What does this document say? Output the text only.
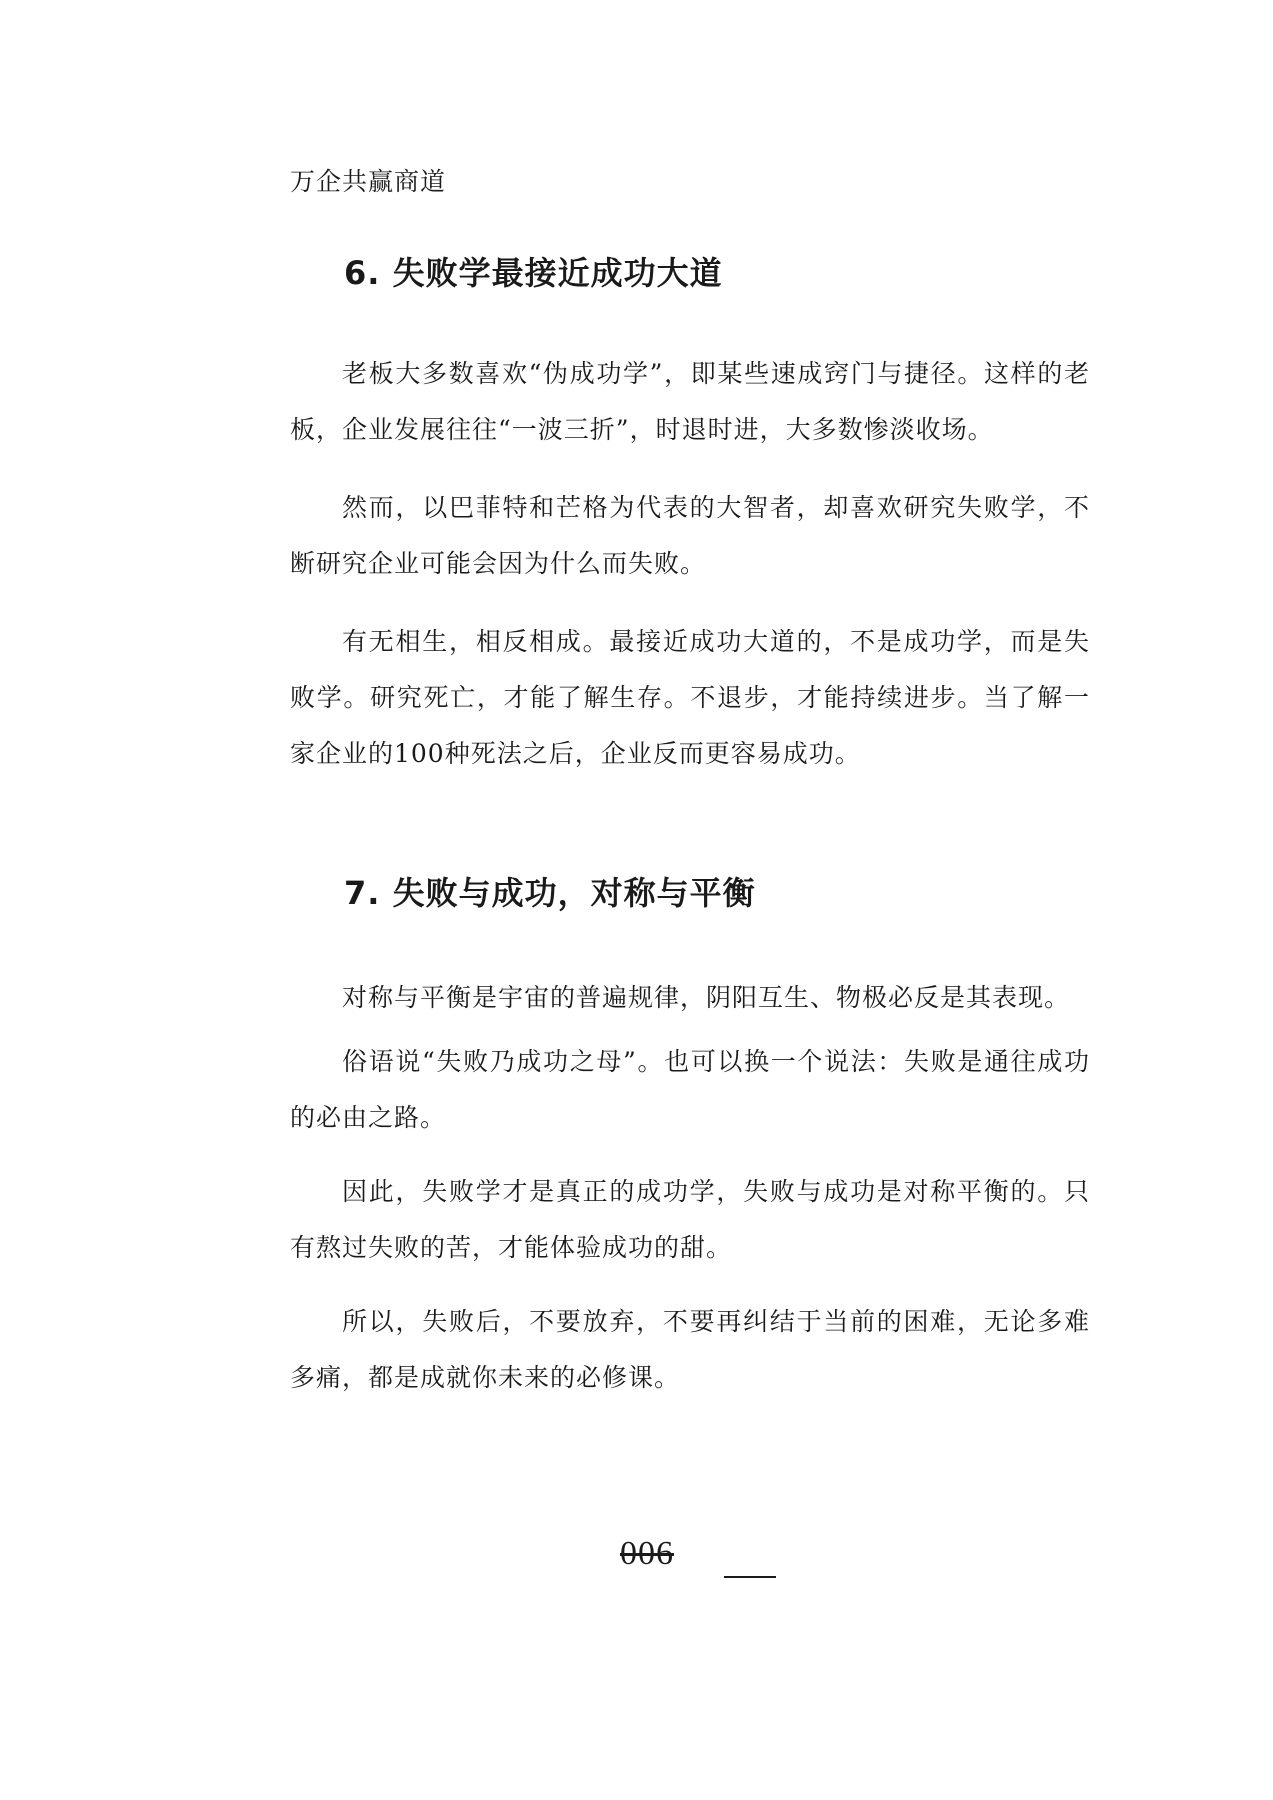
万企共赢商道
6. 失败学最接近成功大道

老板大多数喜欢“伪成功学”，即某些速成窍门与捷径。这样的老板，企业发展往往“一波三折”，时退时进，大多数惨淡收场。

然而，以巴菲特和芒格为代表的大智者，却喜欢研究失败学，不断研究企业可能会因为什么而失败。

有无相生，相反相成。最接近成功大道的，不是成功学，而是失败学。研究死亡，才能了解生存。不退步，才能持续进步。当了解一家企业的100种死法之后，企业反而更容易成功。

7. 失败与成功，对称与平衡

对称与平衡是宇宙的普遍规律，阴阳互生、物极必反是其表现。

俗语说“失败乃成功之母”。也可以换一个说法：失败是通往成功的必由之路。

因此，失败学才是真正的成功学，失败与成功是对称平衡的。只有熬过失败的苦，才能体验成功的甜。

所以，失败后，不要放弃，不要再纠结于当前的困难，无论多难多痛，都是成就你未来的必修课。

006
